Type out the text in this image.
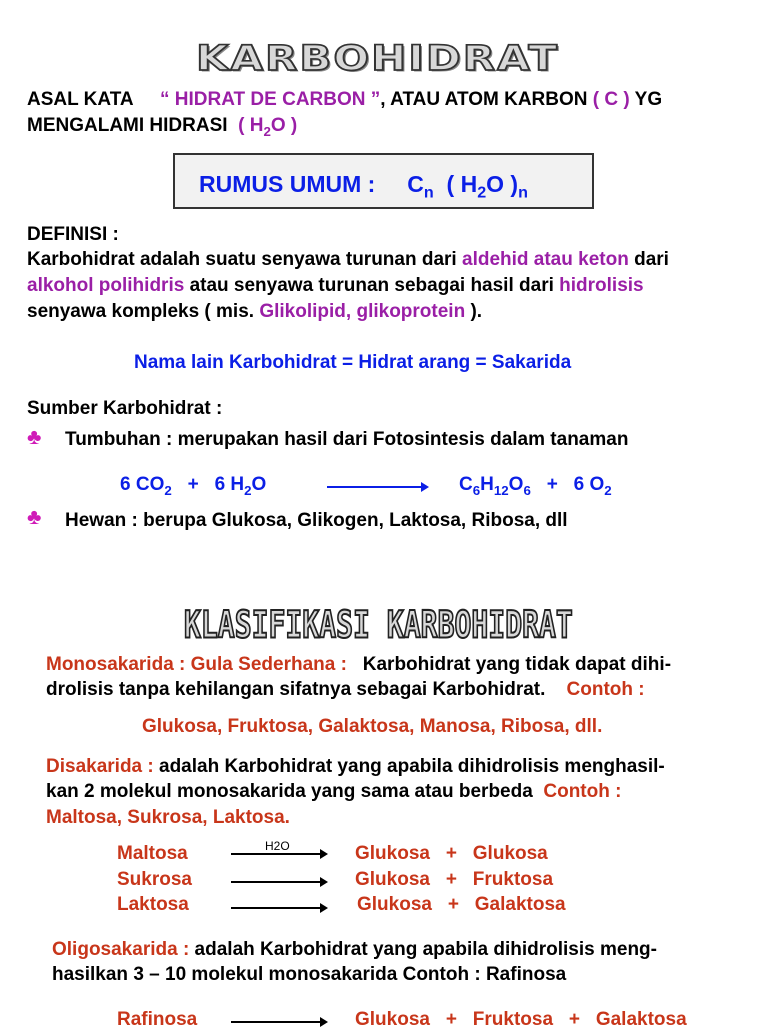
KARBOHIDRAT
ASAL KATA “ HIDRAT DE CARBON ”, ATAU ATOM KARBON ( C ) YG
MENGALAMI HIDRASI ( $H_2O$ )
RUMUS UMUM : $C_n$ ( $H_2O$ )$_n$
DEFINISI :
Karbohidrat adalah suatu senyawa turunan dari aldehid atau keton dari
alkohol polihidris atau senyawa turunan sebagai hasil dari hidrolisis
senyawa kompleks ( mis. Glikolipid, glikoprotein ).
Nama lain Karbohidrat = Hidrat arang = Sakarida
Sumber Karbohidrat :
♣ Tumbuhan : merupakan hasil dari Fotosintesis dalam tanaman
6 $CO_2 + 6$ $H_2O$	$C_6H_{12}O_6 + 6$ $O_2$
♣ Hewan : berupa Glukosa, Glikogen, Laktosa, Ribosa, dll
KLASIFIKASI KARBOHIDRAT
Monosakarida : Gula Sederhana : Karbohidrat yang tidak dapat dihi-
drolisis tanpa kehilangan sifatnya sebagai Karbohidrat. Contoh :
Glukosa, Fruktosa, Galaktosa, Manosa, Ribosa, dll.
Disakarida : adalah Karbohidrat yang apabila dihidrolisis menghasil-
kan 2 molekul monosakarida yang sama atau berbeda Contoh :
Maltosa, Sukrosa, Laktosa.
H2O
Maltosa	Glukosa + Glukosa
Sukrosa	Glukosa + Fruktosa
Laktosa	Glukosa + Galaktosa
Oligosakarida : adalah Karbohidrat yang apabila dihidrolisis meng-
hasilkan 3 – 10 molekul monosakarida Contoh : Rafinosa
Rafinosa	Glukosa + Fruktosa + Galaktosa
